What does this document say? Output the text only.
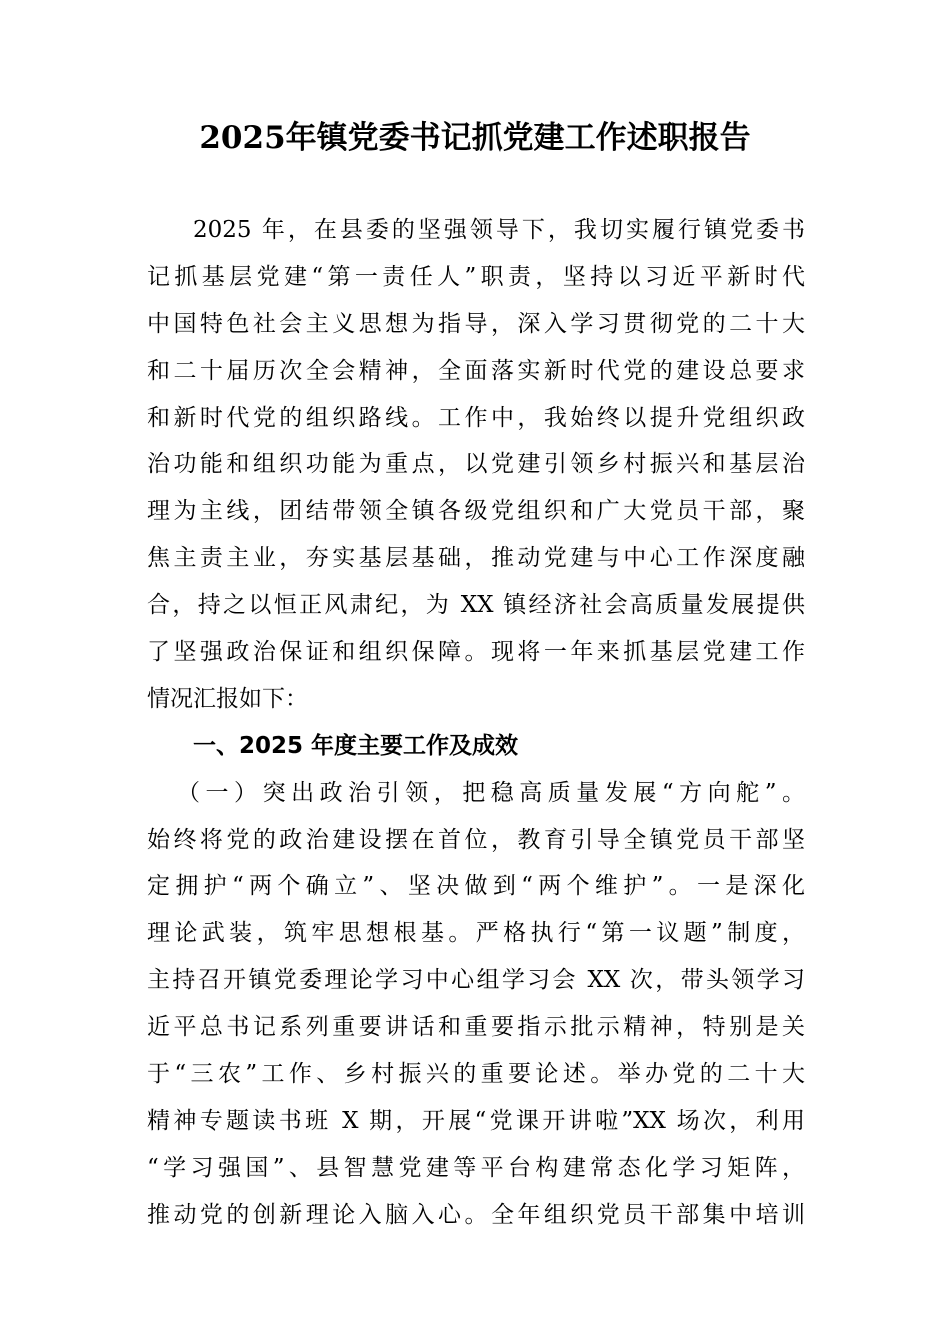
2025年镇党委书记抓党建工作述职报告
2025 年，在县委的坚强领导下，我切实履行镇党委书
记抓基层党建“第一责任人”职责，坚持以习近平新时代
中国特色社会主义思想为指导，深入学习贯彻党的二十大
和二十届历次全会精神，全面落实新时代党的建设总要求
和新时代党的组织路线。工作中，我始终以提升党组织政
治功能和组织功能为重点，以党建引领乡村振兴和基层治
理为主线，团结带领全镇各级党组织和广大党员干部，聚
焦主责主业，夯实基层基础，推动党建与中心工作深度融
合，持之以恒正风肃纪，为 XX 镇经济社会高质量发展提供
了坚强政治保证和组织保障。现将一年来抓基层党建工作
情况汇报如下：
一、2025 年度主要工作及成效
（一）突出政治引领，把稳高质量发展“方向舵”。
始终将党的政治建设摆在首位，教育引导全镇党员干部坚
定拥护“两个确立”、坚决做到“两个维护”。一是深化
理论武装，筑牢思想根基。严格执行“第一议题”制度，
主持召开镇党委理论学习中心组学习会 XX 次，带头领学习
近平总书记系列重要讲话和重要指示批示精神，特别是关
于“三农”工作、乡村振兴的重要论述。举办党的二十大
精神专题读书班 X 期，开展“党课开讲啦”XX 场次，利用
“学习强国”、县智慧党建等平台构建常态化学习矩阵，
推动党的创新理论入脑入心。全年组织党员干部集中培训
